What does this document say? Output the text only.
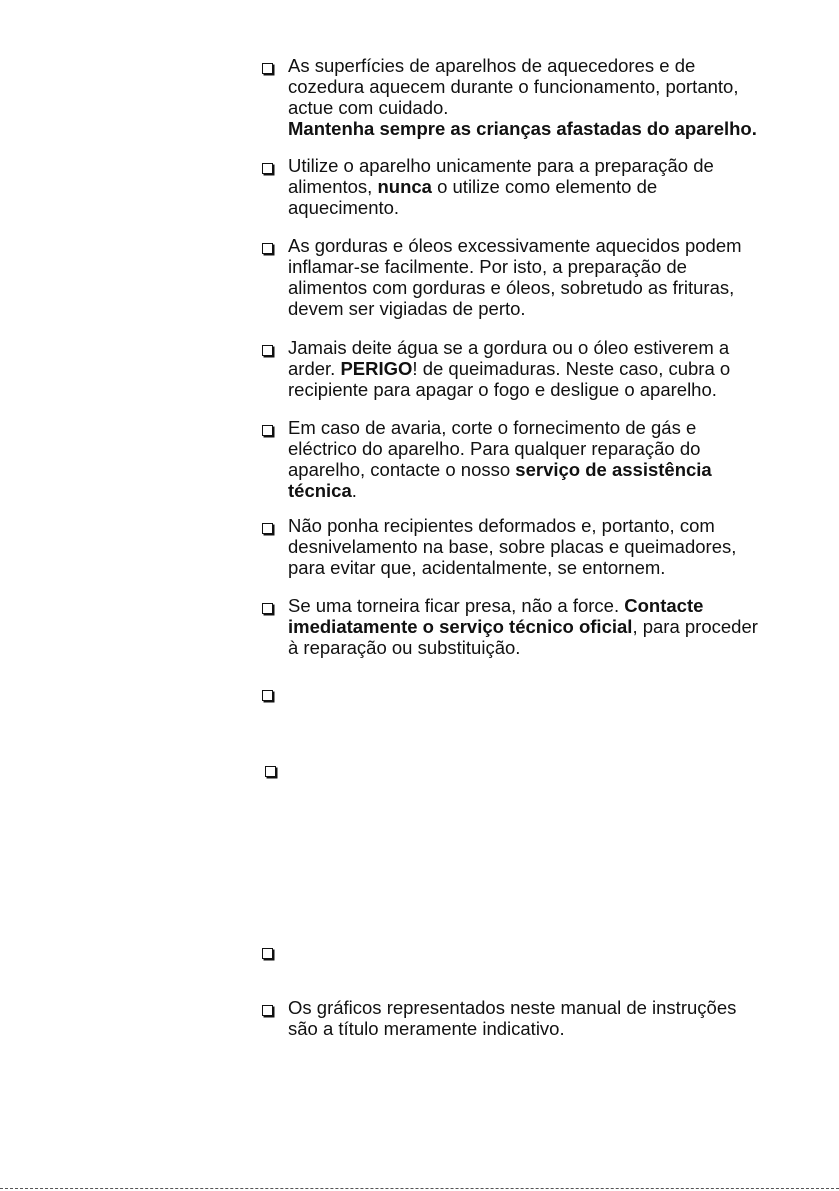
As superfícies de aparelhos de aquecedores e de
cozedura aquecem durante o funcionamento, portanto,
actue com cuidado.
Mantenha sempre as crianças afastadas do aparelho.
Utilize o aparelho unicamente para a preparação de
alimentos, nunca o utilize como elemento de
aquecimento.
As gorduras e óleos excessivamente aquecidos podem
inflamar-se facilmente. Por isto, a preparação de
alimentos com gorduras e óleos, sobretudo as frituras,
devem ser vigiadas de perto.
Jamais deite água se a gordura ou o óleo estiverem a
arder. PERIGO! de queimaduras. Neste caso, cubra o
recipiente para apagar o fogo e desligue o aparelho.
Em caso de avaria, corte o fornecimento de gás e
eléctrico do aparelho. Para qualquer reparação do
aparelho, contacte o nosso serviço de assistência
técnica.
Não ponha recipientes deformados e, portanto, com
desnivelamento na base, sobre placas e queimadores,
para evitar que, acidentalmente, se entornem.
Se uma torneira ficar presa, não a force. Contacte
imediatamente o serviço técnico oficial, para proceder
à reparação ou substituição.
Os gráficos representados neste manual de instruções
são a título meramente indicativo.
